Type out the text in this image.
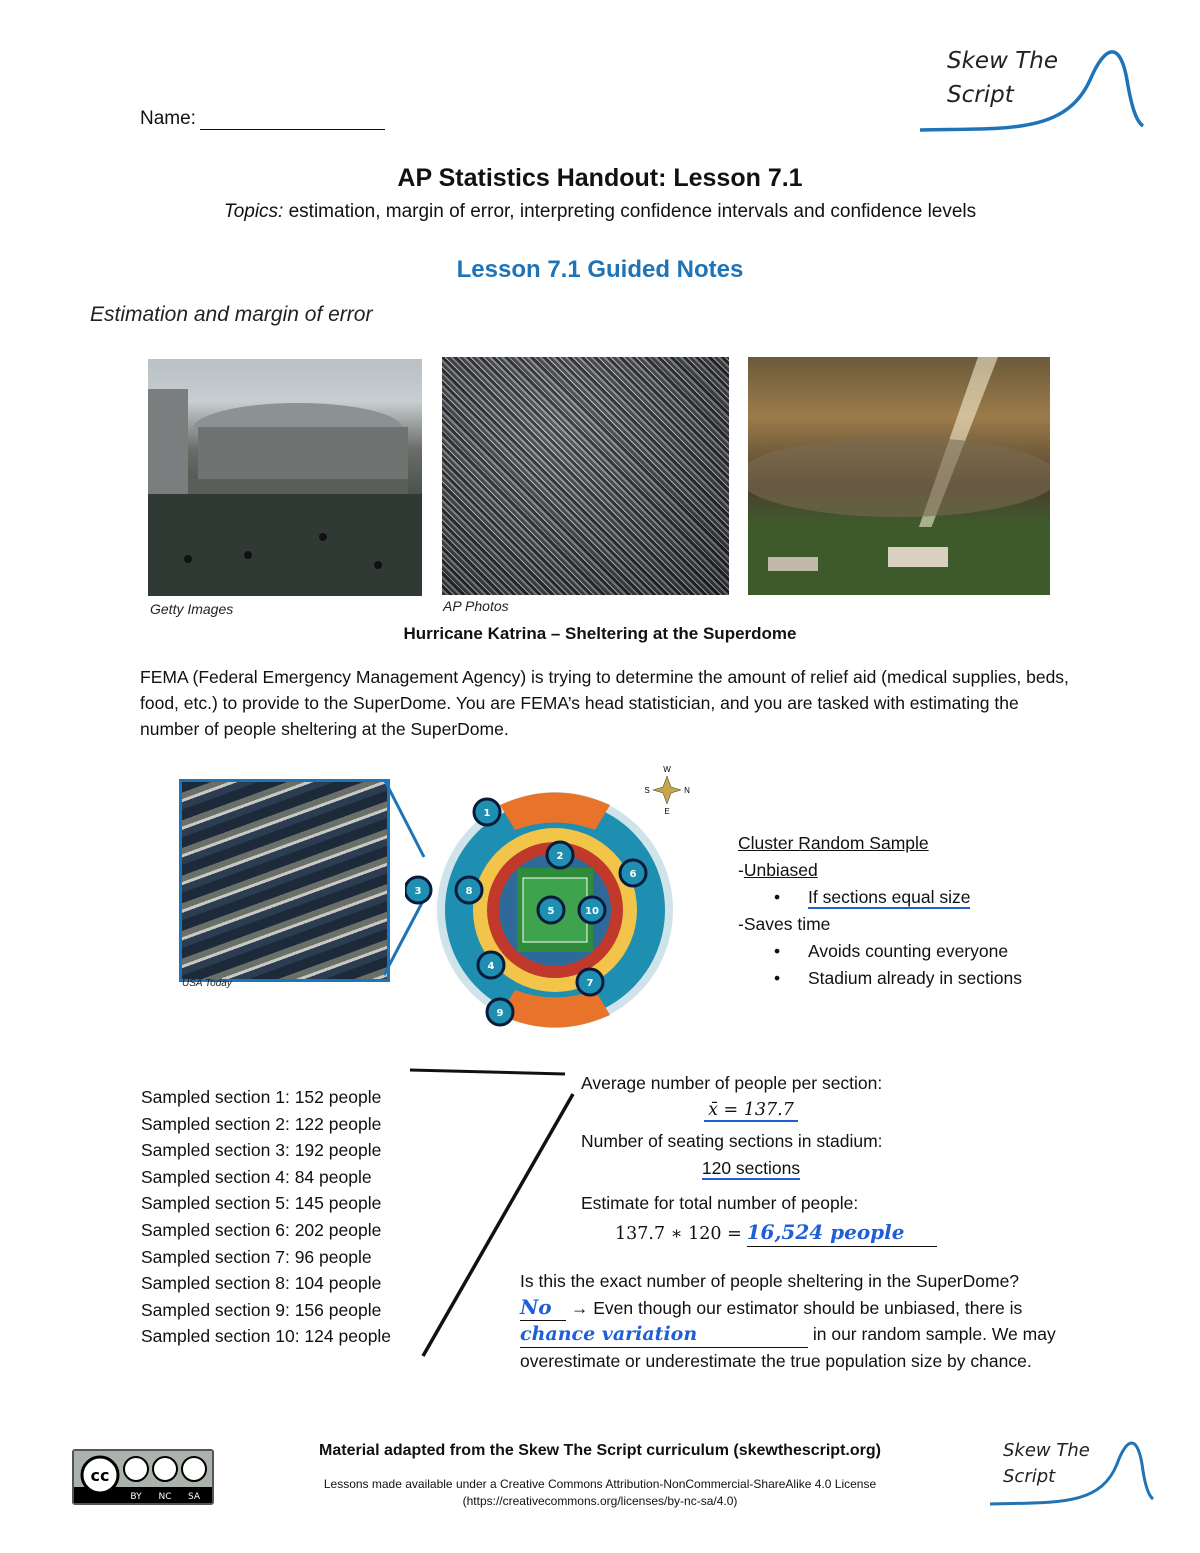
Skew The
Script
Name:
AP Statistics Handout: Lesson 7.1
Topics: estimation, margin of error, interpreting confidence intervals and confidence levels
Lesson 7.1 Guided Notes
Estimation and margin of error
Getty Images	AP Photos
Hurricane Katrina – Sheltering at the Superdome
FEMA (Federal Emergency Management Agency) is trying to determine the amount of relief aid (medical supplies, beds, food, etc.) to provide to the SuperDome. You are FEMA’s head statistician, and you are tasked with estimating the number of people sheltering at the SuperDome.
USA Today
1
2
3
4
5
6
7
8
9
10
W
S	N
E
Cluster Random Sample
-Unbiased
• If sections equal size
-Saves time
• Avoids counting everyone
• Stadium already in sections
Sampled section 1: 152 people
Sampled section 2: 122 people
Sampled section 3: 192 people
Sampled section 4: 84 people
Sampled section 5: 145 people
Sampled section 6: 202 people
Sampled section 7: 96 people
Sampled section 8: 104 people
Sampled section 9: 156 people
Sampled section 10: 124 people
Average number of people per section:
x̄ = 137.7
Number of seating sections in stadium:
120 sections
Estimate for total number of people:
137.7 ∗ 120 = 16,524 people
Is this the exact number of people sheltering in the SuperDome?
No → Even though our estimator should be unbiased, there is
chance variation	in our random sample. We may
overestimate or underestimate the true population size by chance.
cc
BY NC SA
Material adapted from the Skew The Script curriculum (skewthescript.org)
Lessons made available under a Creative Commons Attribution-NonCommercial-ShareAlike 4.0 License
(https://creativecommons.org/licenses/by-nc-sa/4.0)
Skew The
Script
